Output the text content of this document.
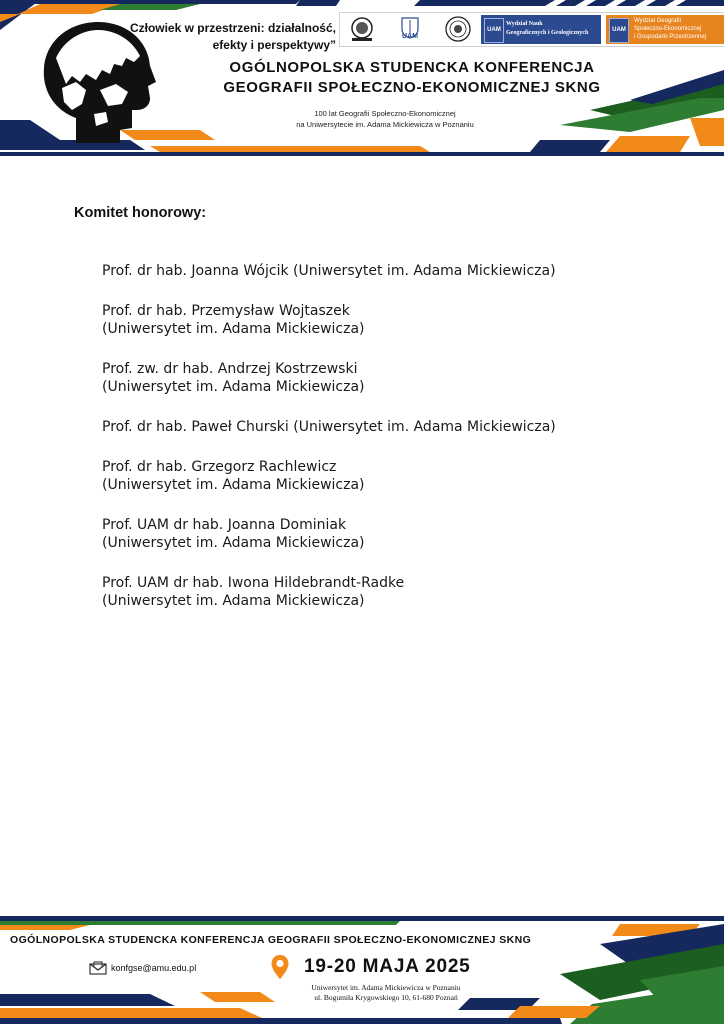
„Człowiek w przestrzeni: działalność,
efekty i perspektywy”
UAM
UAM
Wydział Nauk
Geograficznych i Geologicznych	UAM
Wydział Geografii
Społeczno-Ekonomicznej
i Gospodarki Przestrzennej
OGÓLNOPOLSKA STUDENCKA KONFERENCJA
GEOGRAFII SPOŁECZNO-EKONOMICZNEJ SKNG
100 lat Geografii Społeczno-Ekonomicznej
na Uniwersytecie im. Adama Mickiewicza w Poznaniu
Komitet honorowy:
Prof. dr hab. Joanna Wójcik (Uniwersytet im. Adama Mickiewicza)
Prof. dr hab. Przemysław Wojtaszek
(Uniwersytet im. Adama Mickiewicza)
Prof. zw. dr hab. Andrzej Kostrzewski
(Uniwersytet im. Adama Mickiewicza)
Prof. dr hab. Paweł Churski (Uniwersytet im. Adama Mickiewicza)
Prof. dr hab. Grzegorz Rachlewicz
(Uniwersytet im. Adama Mickiewicza)
Prof. UAM dr hab. Joanna Dominiak
(Uniwersytet im. Adama Mickiewicza)
Prof. UAM dr hab. Iwona Hildebrandt-Radke
(Uniwersytet im. Adama Mickiewicza)
OGÓLNOPOLSKA STUDENCKA KONFERENCJA GEOGRAFII SPOŁECZNO-EKONOMICZNEJ SKNG
konfgse@amu.edu.pl	19-20 MAJA 2025
Uniwersytet im. Adama Mickiewicza w Poznaniu
ul. Bogumiła Krygowskiego 10, 61-680 Poznań
